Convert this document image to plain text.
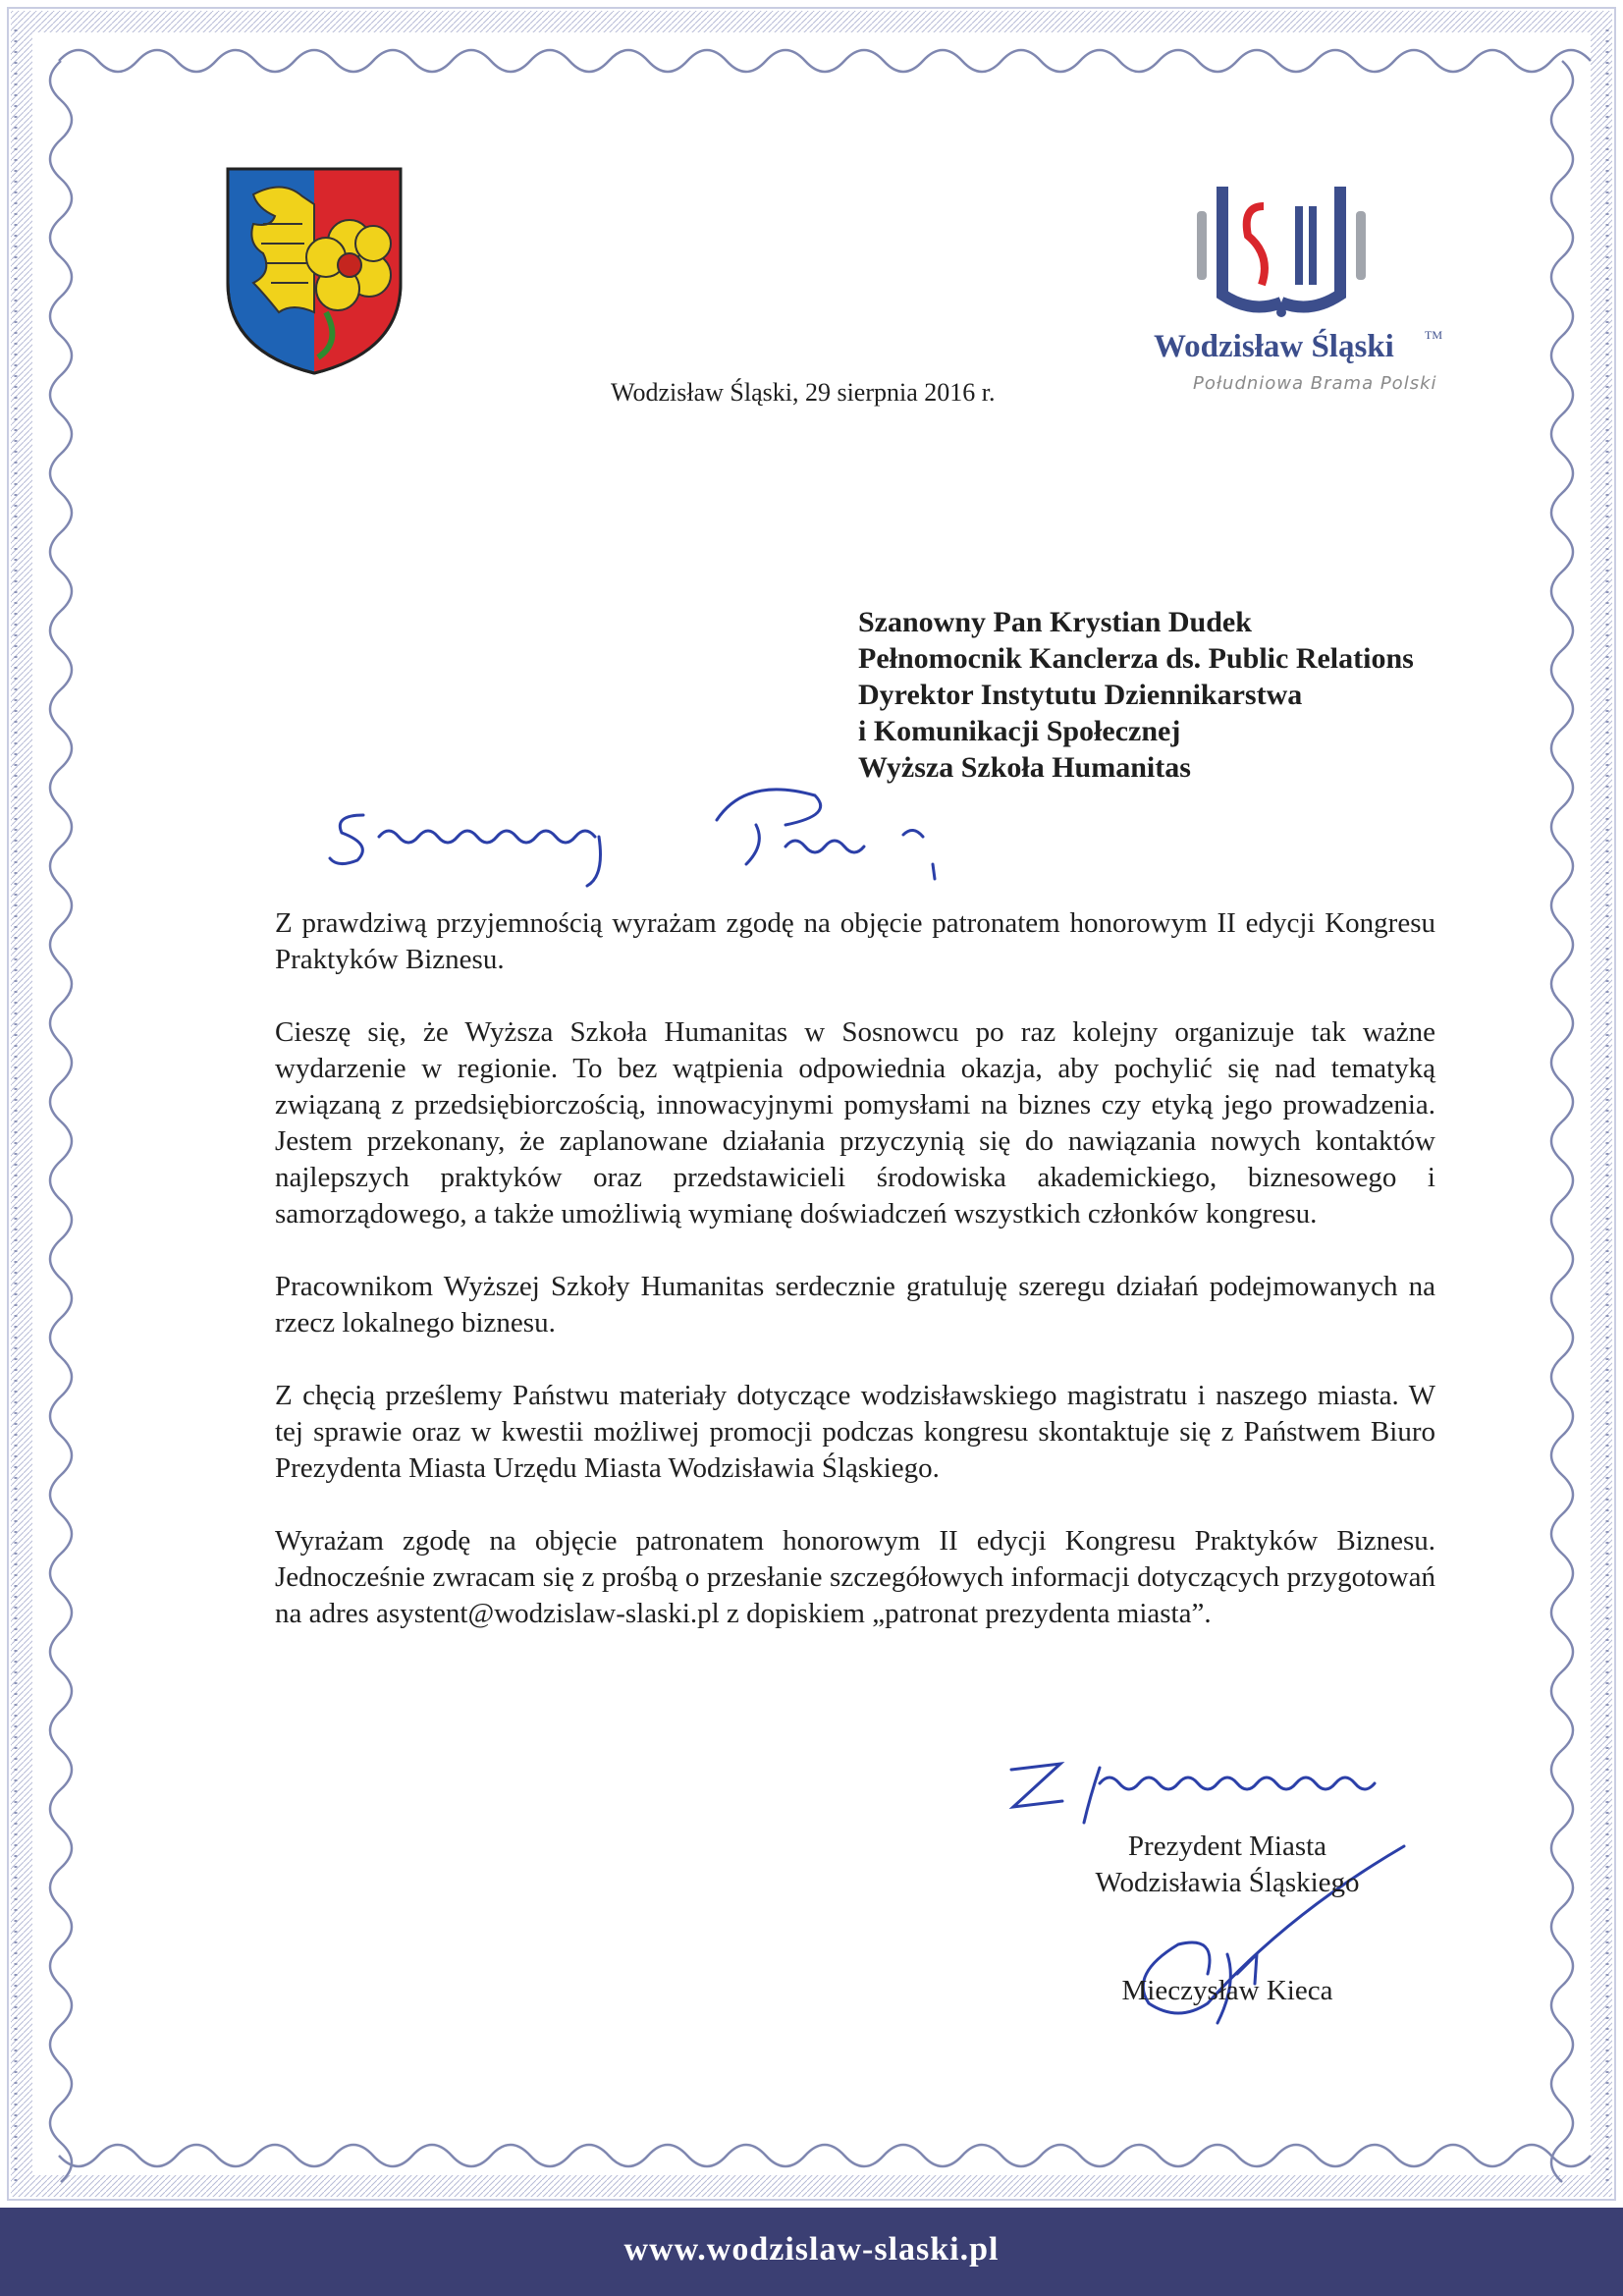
Wodzisław Śląski	TM
Południowa Brama Polski
Wodzisław Śląski, 29 sierpnia 2016 r.
Szanowny Pan Krystian Dudek
Pełnomocnik Kanclerza ds. Public Relations
Dyrektor Instytutu Dziennikarstwa
i Komunikacji Społecznej
Wyższa Szkoła Humanitas

Z prawdziwą przyjemnością wyrażam zgodę na objęcie patronatem honorowym II edycji Kongresu Praktyków Biznesu.

Cieszę się, że Wyższa Szkoła Humanitas w Sosnowcu po raz kolejny organizuje tak ważne wydarzenie w regionie. To bez wątpienia odpowiednia okazja, aby pochylić się nad tematyką związaną z przedsiębiorczością, innowacyjnymi pomysłami na biznes czy etyką jego prowadzenia. Jestem przekonany, że zaplanowane działania przyczynią się do nawiązania nowych kontaktów najlepszych praktyków oraz przedstawicieli środowiska akademickiego, biznesowego i samorządowego, a także umożliwią wymianę doświadczeń wszystkich członków kongresu.

Pracownikom Wyższej Szkoły Humanitas serdecznie gratuluję szeregu działań podejmowanych na rzecz lokalnego biznesu.

Z chęcią prześlemy Państwu materiały dotyczące wodzisławskiego magistratu i naszego miasta. W tej sprawie oraz w kwestii możliwej promocji podczas kongresu skontaktuje się z Państwem Biuro Prezydenta Miasta Urzędu Miasta Wodzisławia Śląskiego.

Wyrażam zgodę na objęcie patronatem honorowym II edycji Kongresu Praktyków Biznesu. Jednocześnie zwracam się z prośbą o przesłanie szczegółowych informacji dotyczących przygotowań na adres asystent@wodzislaw-slaski.pl z dopiskiem „patronat prezydenta miasta”.

Prezydent Miasta
Wodzisławia Śląskiego
Mieczysław Kieca
www.wodzislaw-slaski.pl
